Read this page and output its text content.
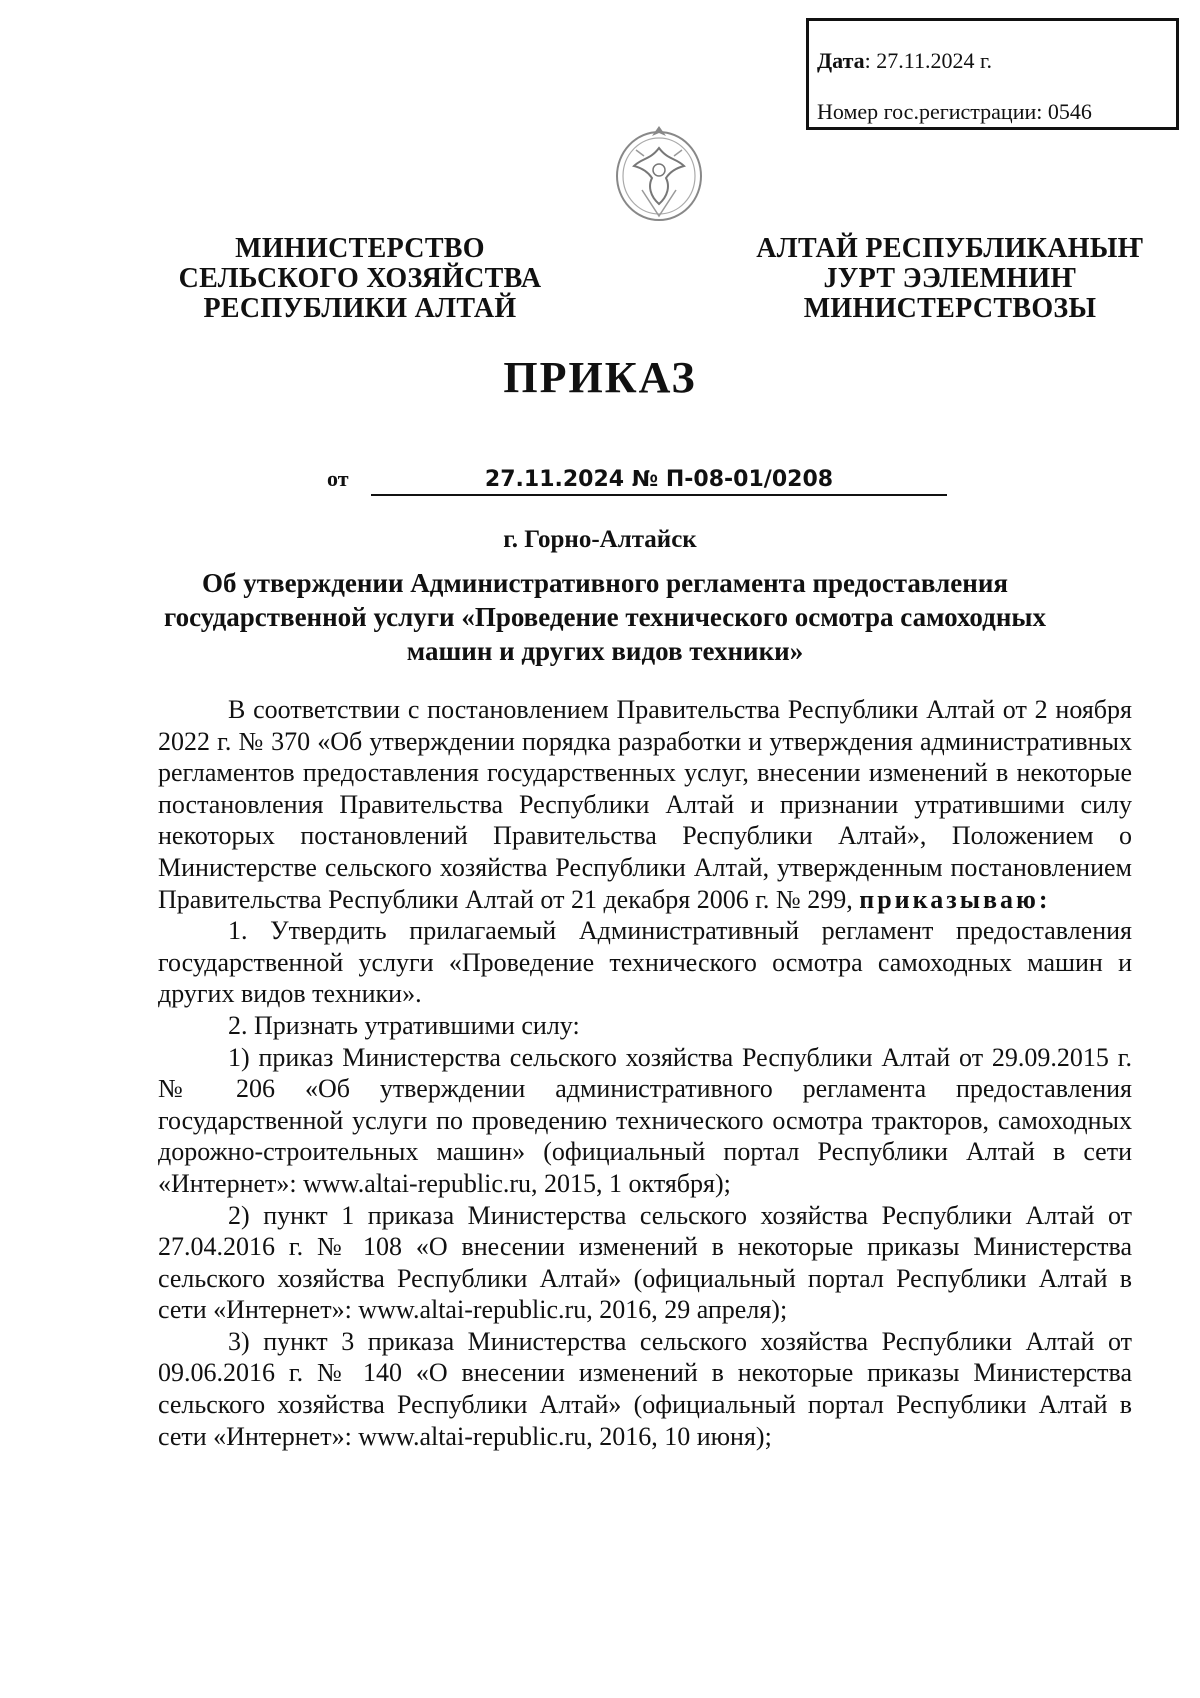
Дата: 27.11.2024 г.
Номер гос.регистрации: 0546
МИНИСТЕРСТВО
СЕЛЬСКОГО ХОЗЯЙСТВА
РЕСПУБЛИКИ АЛТАЙ
АЛТАЙ РЕСПУБЛИКАНЫҤ
ЈУРТ ЭЭЛЕМНИҤ
МИНИСТЕРСТВОЗЫ
ПРИКАЗ
от	27.11.2024 № П-08-01/0208
г. Горно-Алтайск
Об утверждении Административного регламента предоставления государственной услуги «Проведение технического осмотра самоходных машин и других видов техники»

В соответствии с постановлением Правительства Республики Алтай от 2 ноября 2022 г. № 370 «Об утверждении порядка разработки и утверждения административных регламентов предоставления государственных услуг, внесении изменений в некоторые постановления Правительства Республики Алтай и признании утратившими силу некоторых постановлений Правительства Республики Алтай», Положением о Министерстве сельского хозяйства Республики Алтай, утвержденным постановлением Правительства Республики Алтай от 21 декабря 2006 г. № 299, приказываю:

1. Утвердить прилагаемый Административный регламент предоставления государственной услуги «Проведение технического осмотра самоходных машин и других видов техники».

2. Признать утратившими силу:

1) приказ Министерства сельского хозяйства Республики Алтай от 29.09.2015 г. № 206 «Об утверждении административного регламента предоставления государственной услуги по проведению технического осмотра тракторов, самоходных дорожно-строительных машин» (официальный портал Республики Алтай в сети «Интернет»: www.altai-republic.ru, 2015, 1 октября);

2) пункт 1 приказа Министерства сельского хозяйства Республики Алтай от 27.04.2016 г. № 108 «О внесении изменений в некоторые приказы Министерства сельского хозяйства Республики Алтай» (официальный портал Республики Алтай в сети «Интернет»: www.altai-republic.ru, 2016, 29 апреля);

3) пункт 3 приказа Министерства сельского хозяйства Республики Алтай от 09.06.2016 г. № 140 «О внесении изменений в некоторые приказы Министерства сельского хозяйства Республики Алтай» (официальный портал Республики Алтай в сети «Интернет»: www.altai-republic.ru, 2016, 10 июня);
